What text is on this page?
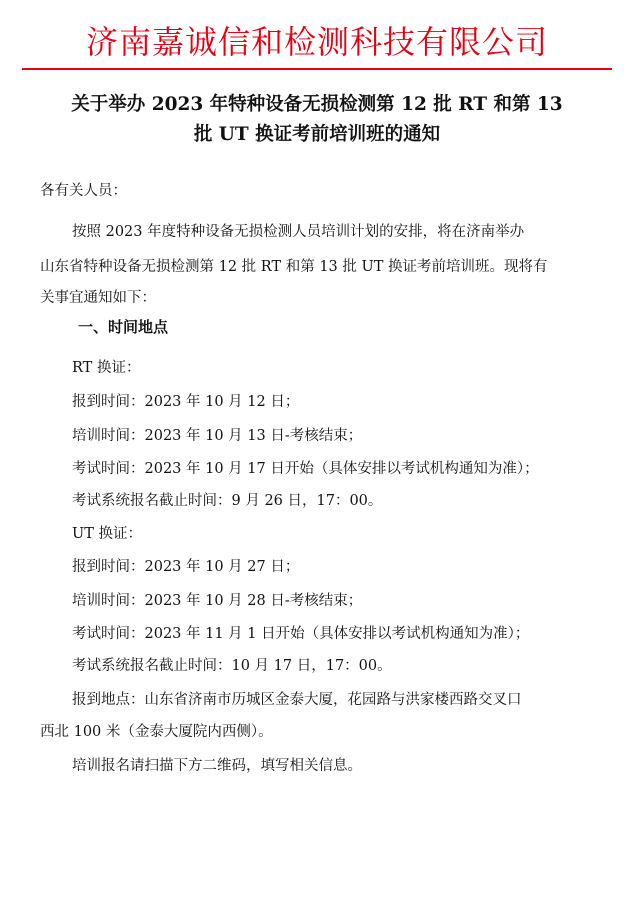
济南嘉诚信和检测科技有限公司
关于举办 2023 年特种设备无损检测第 12 批 RT 和第 13
批 UT 换证考前培训班的通知
各有关人员：
按照 2023 年度特种设备无损检测人员培训计划的安排，将在济南举办
山东省特种设备无损检测第 12 批 RT 和第 13 批 UT 换证考前培训班。现将有
关事宜通知如下：
一、时间地点
RT 换证：
报到时间：2023 年 10 月 12 日；
培训时间：2023 年 10 月 13 日-考核结束；
考试时间：2023 年 10 月 17 日开始（具体安排以考试机构通知为准）；
考试系统报名截止时间：9 月 26 日，17：00。
UT 换证：
报到时间：2023 年 10 月 27 日；
培训时间：2023 年 10 月 28 日-考核结束；
考试时间：2023 年 11 月 1 日开始（具体安排以考试机构通知为准）；
考试系统报名截止时间：10 月 17 日，17：00。
报到地点：山东省济南市历城区金泰大厦，花园路与洪家楼西路交叉口
西北 100 米（金泰大厦院内西侧）。
培训报名请扫描下方二维码，填写相关信息。
